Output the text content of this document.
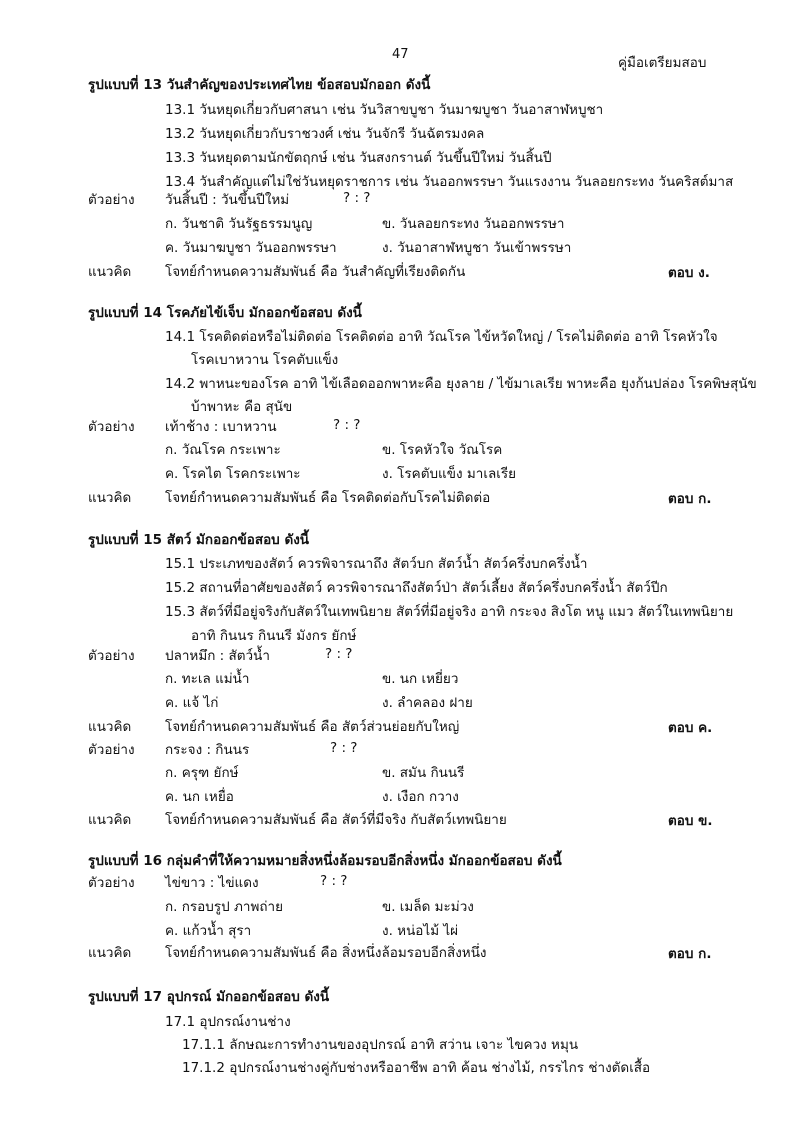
47
คู่มือเตรียมสอบ
รูปแบบที่ 13 วันสำคัญของประเทศไทย ข้อสอบมักออก ดังนี้
13.1 วันหยุดเกี่ยวกับศาสนา เช่น วันวิสาขบูชา วันมาฆบูชา วันอาสาฬหบูชา
13.2 วันหยุดเกี่ยวกับราชวงศ์ เช่น วันจักรี วันฉัตรมงคล
13.3 วันหยุดตามนักขัตฤกษ์ เช่น วันสงกรานต์ วันขึ้นปีใหม่ วันสิ้นปี
13.4 วันสำคัญแต่ไม่ใช่วันหยุดราชการ เช่น วันออกพรรษา วันแรงงาน วันลอยกระทง วันคริสต์มาส
ตัวอย่าง วันสิ้นปี : วันขึ้นปีใหม่	? : ?
ก. วันชาติ วันรัฐธรรมนูญ	ข. วันลอยกระทง วันออกพรรษา
ค. วันมาฆบูชา วันออกพรรษา	ง. วันอาสาฬหบูชา วันเข้าพรรษา
แนวคิด โจทย์กำหนดความสัมพันธ์ คือ วันสำคัญที่เรียงติดกัน	ตอบ ง.
รูปแบบที่ 14 โรคภัยไข้เจ็บ มักออกข้อสอบ ดังนี้
14.1 โรคติดต่อหรือไม่ติดต่อ โรคติดต่อ อาทิ วัณโรค ไข้หวัดใหญ่ / โรคไม่ติดต่อ อาทิ โรคหัวใจ
โรคเบาหวาน โรคตับแข็ง
14.2 พาหนะของโรค อาทิ ไข้เลือดออกพาหะคือ ยุงลาย / ไข้มาเลเรีย พาหะคือ ยุงก้นปล่อง โรคพิษสุนัข
บ้าพาหะ คือ สุนัข
ตัวอย่าง เท้าช้าง : เบาหวาน	? : ?
ก. วัณโรค กระเพาะ	ข. โรคหัวใจ วัณโรค
ค. โรคไต โรคกระเพาะ	ง. โรคตับแข็ง มาเลเรีย
แนวคิด โจทย์กำหนดความสัมพันธ์ คือ โรคติดต่อกับโรคไม่ติดต่อ	ตอบ ก.
รูปแบบที่ 15 สัตว์ มักออกข้อสอบ ดังนี้
15.1 ประเภทของสัตว์ ควรพิจารณาถึง สัตว์บก สัตว์น้ำ สัตว์ครึ่งบกครึ่งน้ำ
15.2 สถานที่อาศัยของสัตว์ ควรพิจารณาถึงสัตว์ป่า สัตว์เลี้ยง สัตว์ครึ่งบกครึ่งน้ำ สัตว์ปีก
15.3 สัตว์ที่มีอยู่จริงกับสัตว์ในเทพนิยาย สัตว์ที่มีอยู่จริง อาทิ กระจง สิงโต หนู แมว สัตว์ในเทพนิยาย
อาทิ กินนร กินนรี มังกร ยักษ์
ตัวอย่าง ปลาหมึก : สัตว์น้ำ	? : ?
ก. ทะเล แม่น้ำ	ข. นก เหยี่ยว
ค. แจ้ ไก่	ง. ลำคลอง ฝาย
แนวคิด โจทย์กำหนดความสัมพันธ์ คือ สัตว์ส่วนย่อยกับใหญ่	ตอบ ค.
ตัวอย่าง กระจง : กินนร	? : ?
ก. ครุฑ ยักษ์	ข. สมัน กินนรี
ค. นก เหยื่อ	ง. เงือก กวาง
แนวคิด โจทย์กำหนดความสัมพันธ์ คือ สัตว์ที่มีจริง กับสัตว์เทพนิยาย	ตอบ ข.
รูปแบบที่ 16 กลุ่มคำที่ให้ความหมายสิ่งหนึ่งล้อมรอบอีกสิ่งหนึ่ง มักออกข้อสอบ ดังนี้
ตัวอย่าง ไข่ขาว : ไข่แดง	? : ?
ก. กรอบรูป ภาพถ่าย	ข. เมล็ด มะม่วง
ค. แก้วน้ำ สุรา	ง. หน่อไม้ ไผ่
แนวคิด โจทย์กำหนดความสัมพันธ์ คือ สิ่งหนึ่งล้อมรอบอีกสิ่งหนึ่ง	ตอบ ก.
รูปแบบที่ 17 อุปกรณ์ มักออกข้อสอบ ดังนี้
17.1 อุปกรณ์งานช่าง
17.1.1 ลักษณะการทำงานของอุปกรณ์ อาทิ สว่าน เจาะ ไขควง หมุน
17.1.2 อุปกรณ์งานช่างคู่กับช่างหรืออาชีพ อาทิ ค้อน ช่างไม้, กรรไกร ช่างตัดเสื้อ
